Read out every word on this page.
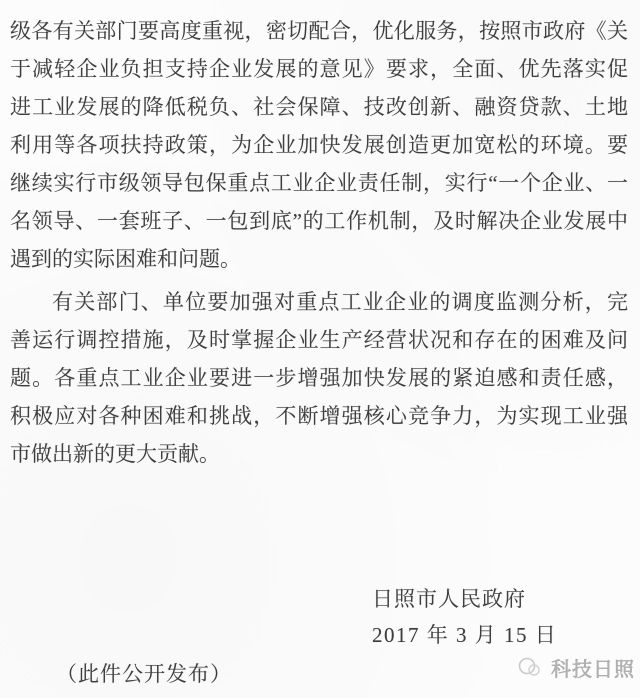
级各有关部门要高度重视，密切配合，优化服务，按照市政府《关
于减轻企业负担支持企业发展的意见》要求，全面、优先落实促
进工业发展的降低税负、社会保障、技改创新、融资贷款、土地
利用等各项扶持政策，为企业加快发展创造更加宽松的环境。要
继续实行市级领导包保重点工业企业责任制，实行“一个企业、一
名领导、一套班子、一包到底”的工作机制，及时解决企业发展中
遇到的实际困难和问题。
有关部门、单位要加强对重点工业企业的调度监测分析，完
善运行调控措施，及时掌握企业生产经营状况和存在的困难及问
题。各重点工业企业要进一步增强加快发展的紧迫感和责任感，
积极应对各种困难和挑战，不断增强核心竞争力，为实现工业强
市做出新的更大贡献。
日照市人民政府
2017 年 3 月 15 日
（此件公开发布）	科技日照
